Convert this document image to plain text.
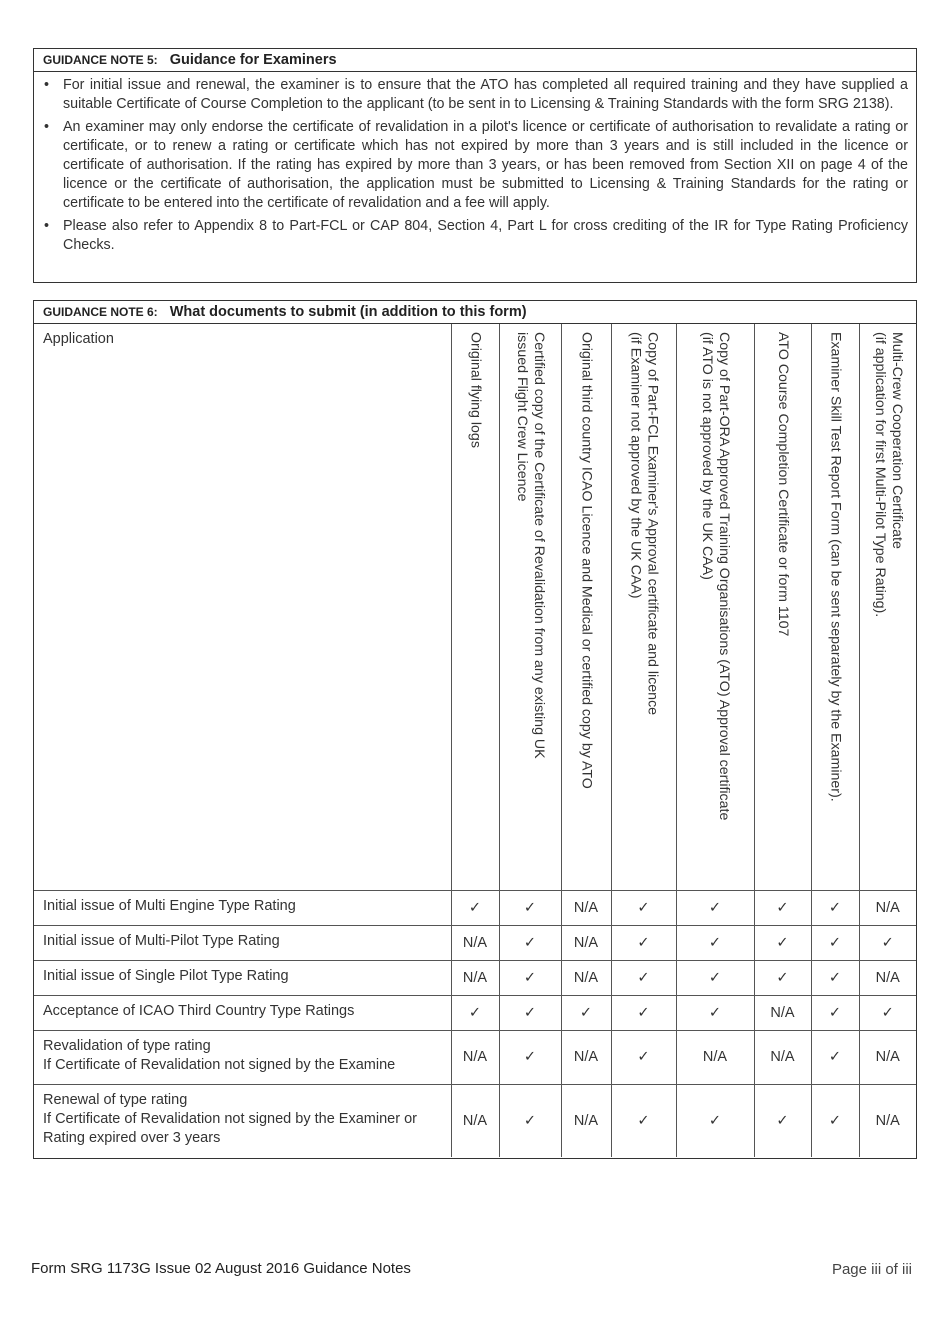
GUIDANCE NOTE 5: Guidance for Examiners
• For initial issue and renewal, the examiner is to ensure that the ATO has completed all required training and they have supplied a suitable Certificate of Course Completion to the applicant (to be sent in to Licensing & Training Standards with the form SRG 2138).
• An examiner may only endorse the certificate of revalidation in a pilot's licence or certificate of authorisation to revalidate a rating or certificate, or to renew a rating or certificate which has not expired by more than 3 years and is still included in the licence or certificate of authorisation. If the rating has expired by more than 3 years, or has been removed from Section XII on page 4 of the licence or the certificate of authorisation, the application must be submitted to Licensing & Training Standards for the rating or certificate to be entered into the certificate of revalidation and a fee will apply.
• Please also refer to Appendix 8 to Part-FCL or CAP 804, Section 4, Part L for cross crediting of the IR for Type Rating Proficiency Checks.
GUIDANCE NOTE 6: What documents to submit (in addition to this form)
Application	Original flying logs	Certified copy of the Certificate of Revalidation from any existing UK
issued Flight Crew Licence	Original third country ICAO Licence and Medical or certified copy by ATO	Copy of Part-FCL Examiner's Approval certificate and licence
(if Examiner not approved by the UK CAA)	Copy of Part-ORA Approved Training Organisations (ATO) Approval certificate
(if ATO is not approved by the UK CAA)	ATO Course Completion Certificate or form 1107	Examiner Skill Test Report Form (can be sent separately by the Examiner).	Multi-Crew Cooperation Certificate
(if application for first Multi-Pilot Type Rating).

Initial issue of Multi Engine Type Rating	✓	✓	N/A	✓	✓	✓	✓	N/A

Initial issue of Multi-Pilot Type Rating	N/A	✓	N/A	✓	✓	✓	✓	✓

Initial issue of Single Pilot Type Rating	N/A	✓	N/A	✓	✓	✓	✓	N/A

Acceptance of ICAO Third Country Type Ratings	✓	✓	✓	✓	✓	N/A	✓	✓

Revalidation of type rating
If Certificate of Revalidation not signed by the Examine	N/A	✓	N/A	✓	N/A	N/A	✓	N/A

Renewal of type rating
If Certificate of Revalidation not signed by the Examiner or
Rating expired over 3 years	N/A	✓	N/A	✓	✓	✓	✓	N/A
Form SRG 1173G Issue 02 August 2016 Guidance Notes	Page iii of iii
